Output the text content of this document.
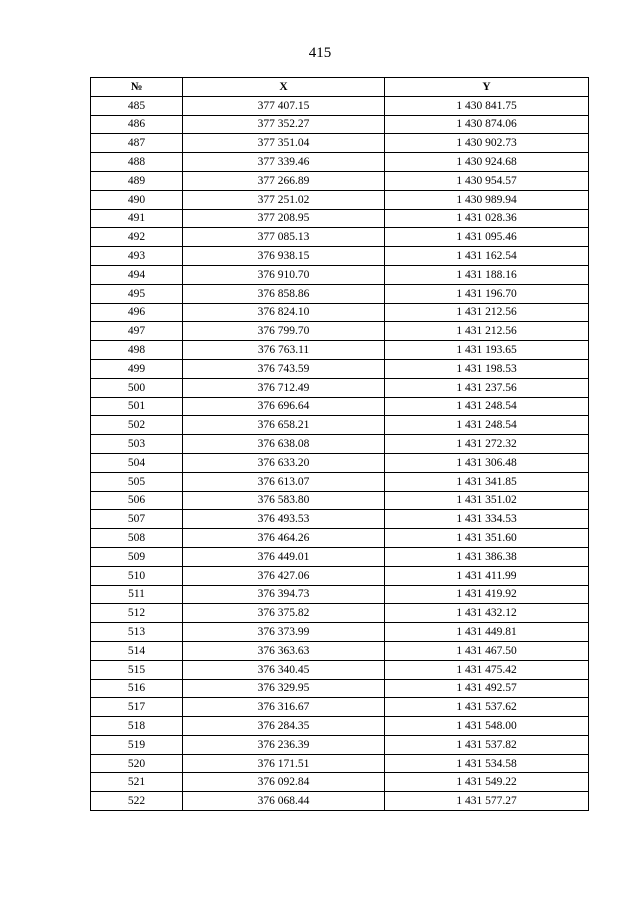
415
№	X	Y
485	377 407.15	1 430 841.75
486	377 352.27	1 430 874.06
487	377 351.04	1 430 902.73
488	377 339.46	1 430 924.68
489	377 266.89	1 430 954.57
490	377 251.02	1 430 989.94
491	377 208.95	1 431 028.36
492	377 085.13	1 431 095.46
493	376 938.15	1 431 162.54
494	376 910.70	1 431 188.16
495	376 858.86	1 431 196.70
496	376 824.10	1 431 212.56
497	376 799.70	1 431 212.56
498	376 763.11	1 431 193.65
499	376 743.59	1 431 198.53
500	376 712.49	1 431 237.56
501	376 696.64	1 431 248.54
502	376 658.21	1 431 248.54
503	376 638.08	1 431 272.32
504	376 633.20	1 431 306.48
505	376 613.07	1 431 341.85
506	376 583.80	1 431 351.02
507	376 493.53	1 431 334.53
508	376 464.26	1 431 351.60
509	376 449.01	1 431 386.38
510	376 427.06	1 431 411.99
511	376 394.73	1 431 419.92
512	376 375.82	1 431 432.12
513	376 373.99	1 431 449.81
514	376 363.63	1 431 467.50
515	376 340.45	1 431 475.42
516	376 329.95	1 431 492.57
517	376 316.67	1 431 537.62
518	376 284.35	1 431 548.00
519	376 236.39	1 431 537.82
520	376 171.51	1 431 534.58
521	376 092.84	1 431 549.22
522	376 068.44	1 431 577.27
